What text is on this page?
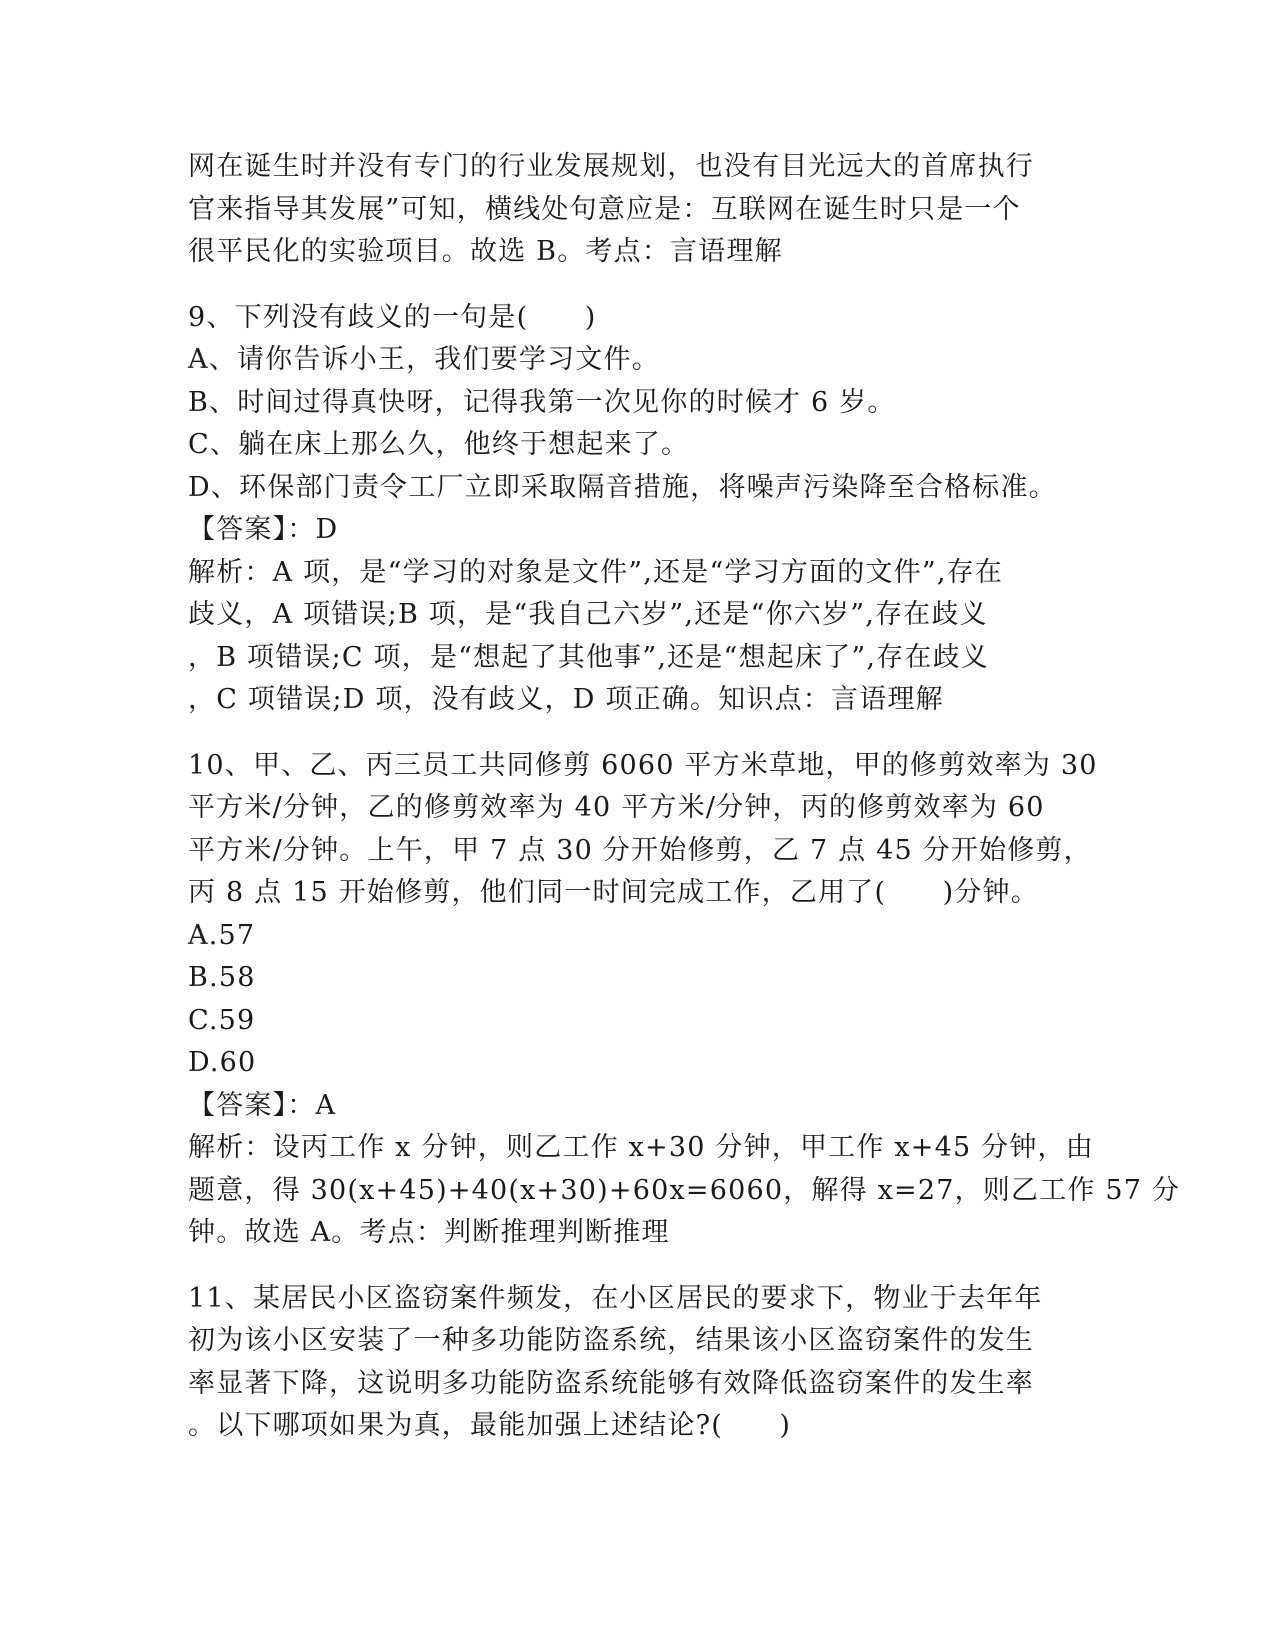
网在诞生时并没有专门的行业发展规划，也没有目光远大的首席执行
官来指导其发展”可知，横线处句意应是：互联网在诞生时只是一个
很平民化的实验项目。故选 B。考点：言语理解
9、下列没有歧义的一句是(　　)
A、请你告诉小王，我们要学习文件。
B、时间过得真快呀，记得我第一次见你的时候才 6 岁。
C、躺在床上那么久，他终于想起来了。
D、环保部门责令工厂立即采取隔音措施，将噪声污染降至合格标准。
【答案】：D
解析：A 项，是“学习的对象是文件”,还是“学习方面的文件”,存在
歧义，A 项错误;B 项，是“我自己六岁”,还是“你六岁”,存在歧义
，B 项错误;C 项，是“想起了其他事”,还是“想起床了”,存在歧义
，C 项错误;D 项，没有歧义，D 项正确。知识点：言语理解
10、甲、乙、丙三员工共同修剪 6060 平方米草地，甲的修剪效率为 30
平方米/分钟，乙的修剪效率为 40 平方米/分钟，丙的修剪效率为 60
平方米/分钟。上午，甲 7 点 30 分开始修剪，乙 7 点 45 分开始修剪，
丙 8 点 15 开始修剪，他们同一时间完成工作，乙用了(　　)分钟。
A.57
B.58
C.59
D.60
【答案】：A
解析：设丙工作 x 分钟，则乙工作 x+30 分钟，甲工作 x+45 分钟，由
题意，得 30(x+45)+40(x+30)+60x=6060，解得 x=27，则乙工作 57 分
钟。故选 A。考点：判断推理判断推理
11、某居民小区盗窃案件频发，在小区居民的要求下，物业于去年年
初为该小区安装了一种多功能防盗系统，结果该小区盗窃案件的发生
率显著下降，这说明多功能防盗系统能够有效降低盗窃案件的发生率
。以下哪项如果为真，最能加强上述结论?(　　)
